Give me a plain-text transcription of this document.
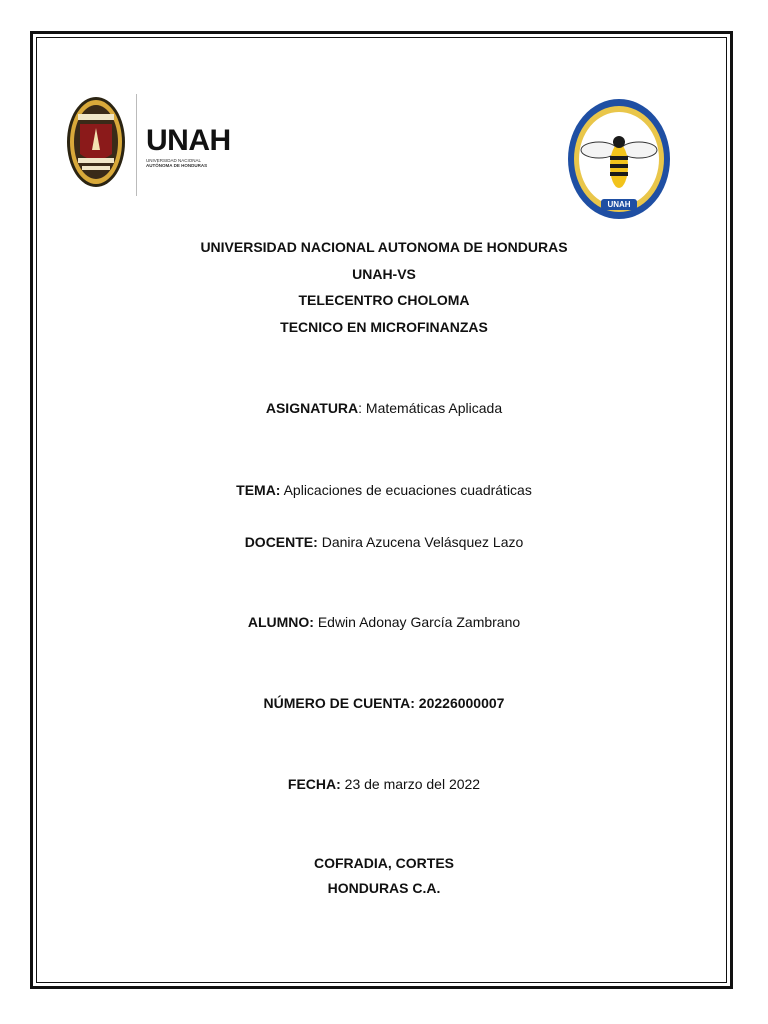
UNAH
UNIVERSIDAD NACIONAL
AUTÓNOMA DE HONDURAS
UNAH
UNIVERSIDAD NACIONAL AUTONOMA DE HONDURAS
UNAH-VS
TELECENTRO CHOLOMA
TECNICO EN MICROFINANZAS
ASIGNATURA: Matemáticas Aplicada
TEMA: Aplicaciones de ecuaciones cuadráticas
DOCENTE: Danira Azucena Velásquez Lazo
ALUMNO: Edwin Adonay García Zambrano
NÚMERO DE CUENTA: 20226000007
FECHA: 23 de marzo del 2022
COFRADIA, CORTES
HONDURAS C.A.
